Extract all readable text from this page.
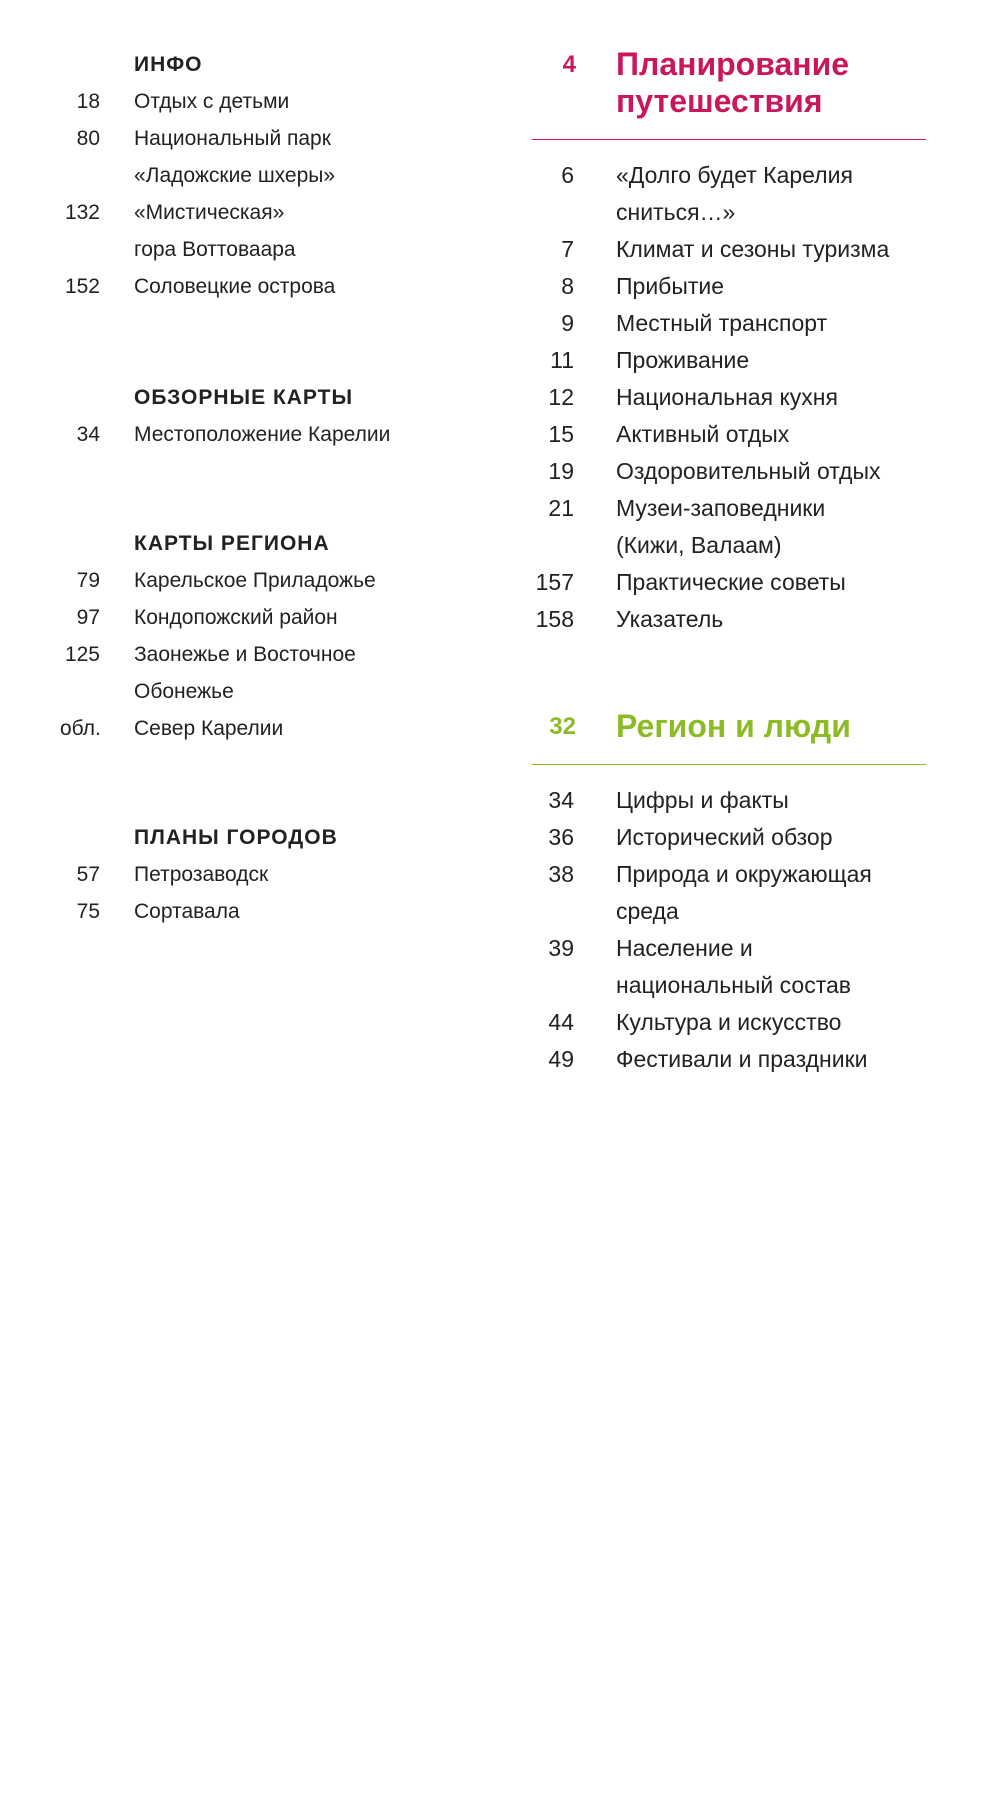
ИНФО
18 Отдых с детьми
80 Национальный парк
«Ладожские шхеры»
132 «Мистическая»
гора Воттоваара
152 Соловецкие острова
ОБЗОРНЫЕ КАРТЫ
34 Местоположение Карелии
КАРТЫ РЕГИОНА
79 Карельское Приладожье
97 Кондопожский район
125 Заонежье и Восточное
Обонежье
обл. Север Карелии
ПЛАНЫ ГОРОДОВ
57 Петрозаводск
75 Сортавала
4 Планирование
путешествия
6 «Долго будет Карелия
сниться…»
7 Климат и сезоны туризма
8 Прибытие
9 Местный транспорт
11 Проживание
12 Национальная кухня
15 Активный отдых
19 Оздоровительный отдых
21 Музеи-заповедники
(Кижи, Валаам)
157 Практические советы
158 Указатель
32 Регион и люди
34 Цифры и факты
36 Исторический обзор
38 Природа и окружающая
среда
39 Население и
национальный состав
44 Культура и искусство
49 Фестивали и праздники
